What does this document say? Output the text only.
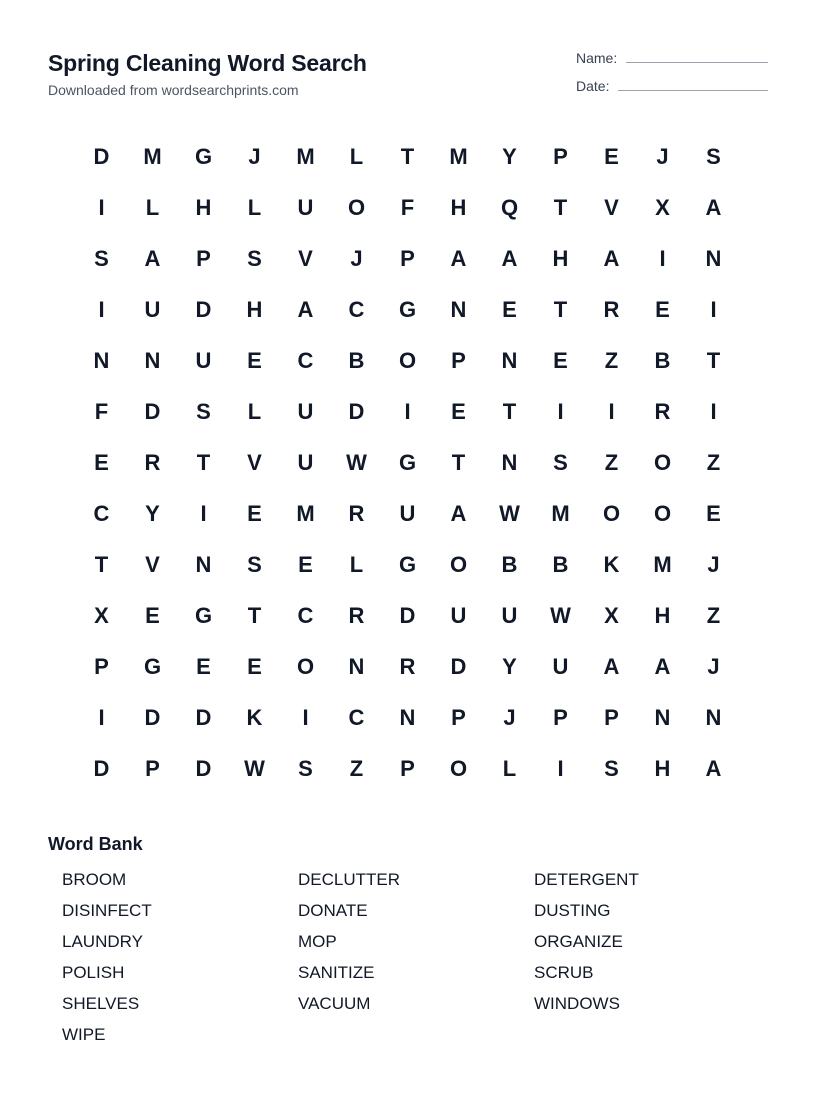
Spring Cleaning Word Search
Downloaded from wordsearchprints.com
Name:
Date:
D	M	G	J	M	L	T	M	Y	P	E	J	S
I	L	H	L	U	O	F	H	Q	T	V	X	A
S	A	P	S	V	J	P	A	A	H	A	I	N
I	U	D	H	A	C	G	N	E	T	R	E	I
N	N	U	E	C	B	O	P	N	E	Z	B	T
F	D	S	L	U	D	I	E	T	I	I	R	I
E	R	T	V	U	W	G	T	N	S	Z	O	Z
C	Y	I	E	M	R	U	A	W	M	O	O	E
T	V	N	S	E	L	G	O	B	B	K	M	J
X	E	G	T	C	R	D	U	U	W	X	H	Z
P	G	E	E	O	N	R	D	Y	U	A	A	J
I	D	D	K	I	C	N	P	J	P	P	N	N
D	P	D	W	S	Z	P	O	L	I	S	H	A
Word Bank
BROOM	DECLUTTER	DETERGENT
DISINFECT	DONATE	DUSTING
LAUNDRY	MOP	ORGANIZE
POLISH	SANITIZE	SCRUB
SHELVES	VACUUM	WINDOWS
WIPE
